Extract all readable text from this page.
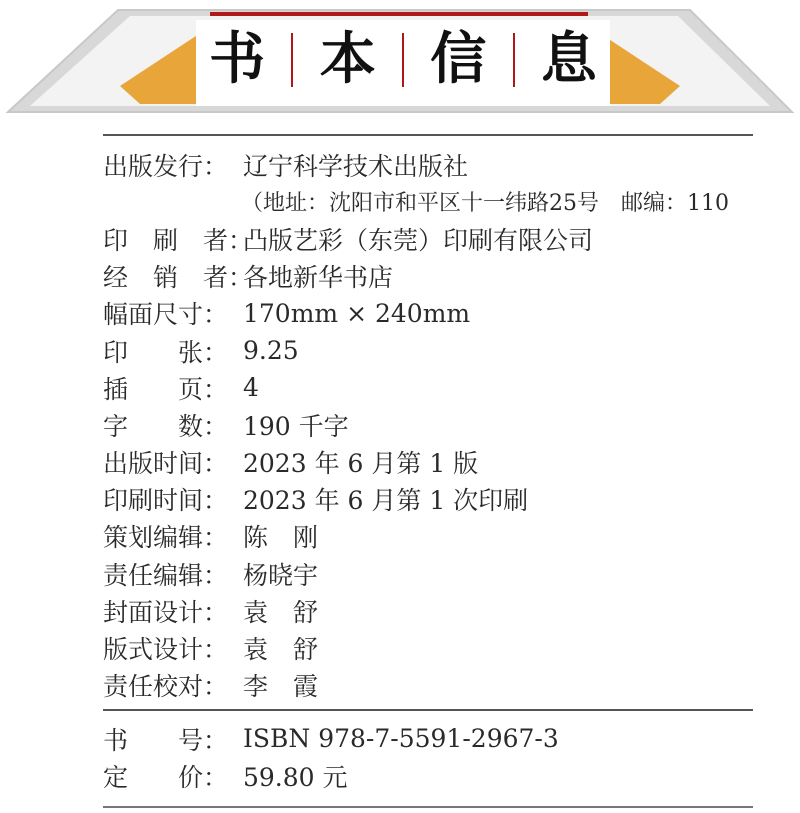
书 本 信 息
出版发行： 辽宁科学技术出版社
（地址：沈阳市和平区十一纬路25号　邮编：110
印　刷　者：
凸版艺彩（东莞）印刷有限公司
经　销　者：
各地新华书店
幅面尺寸： 170mm × 240mm
印　　张： 9.25
插　　页： 4
字　　数： 190 千字
出版时间： 2023 年 6 月第 1 版
印刷时间： 2023 年 6 月第 1 次印刷
策划编辑： 陈　刚
责任编辑： 杨晓宇
封面设计： 袁　舒
版式设计： 袁　舒
责任校对： 李　霞
书　　号： ISBN 978-7-5591-2967-3
定　　价： 59.80 元
